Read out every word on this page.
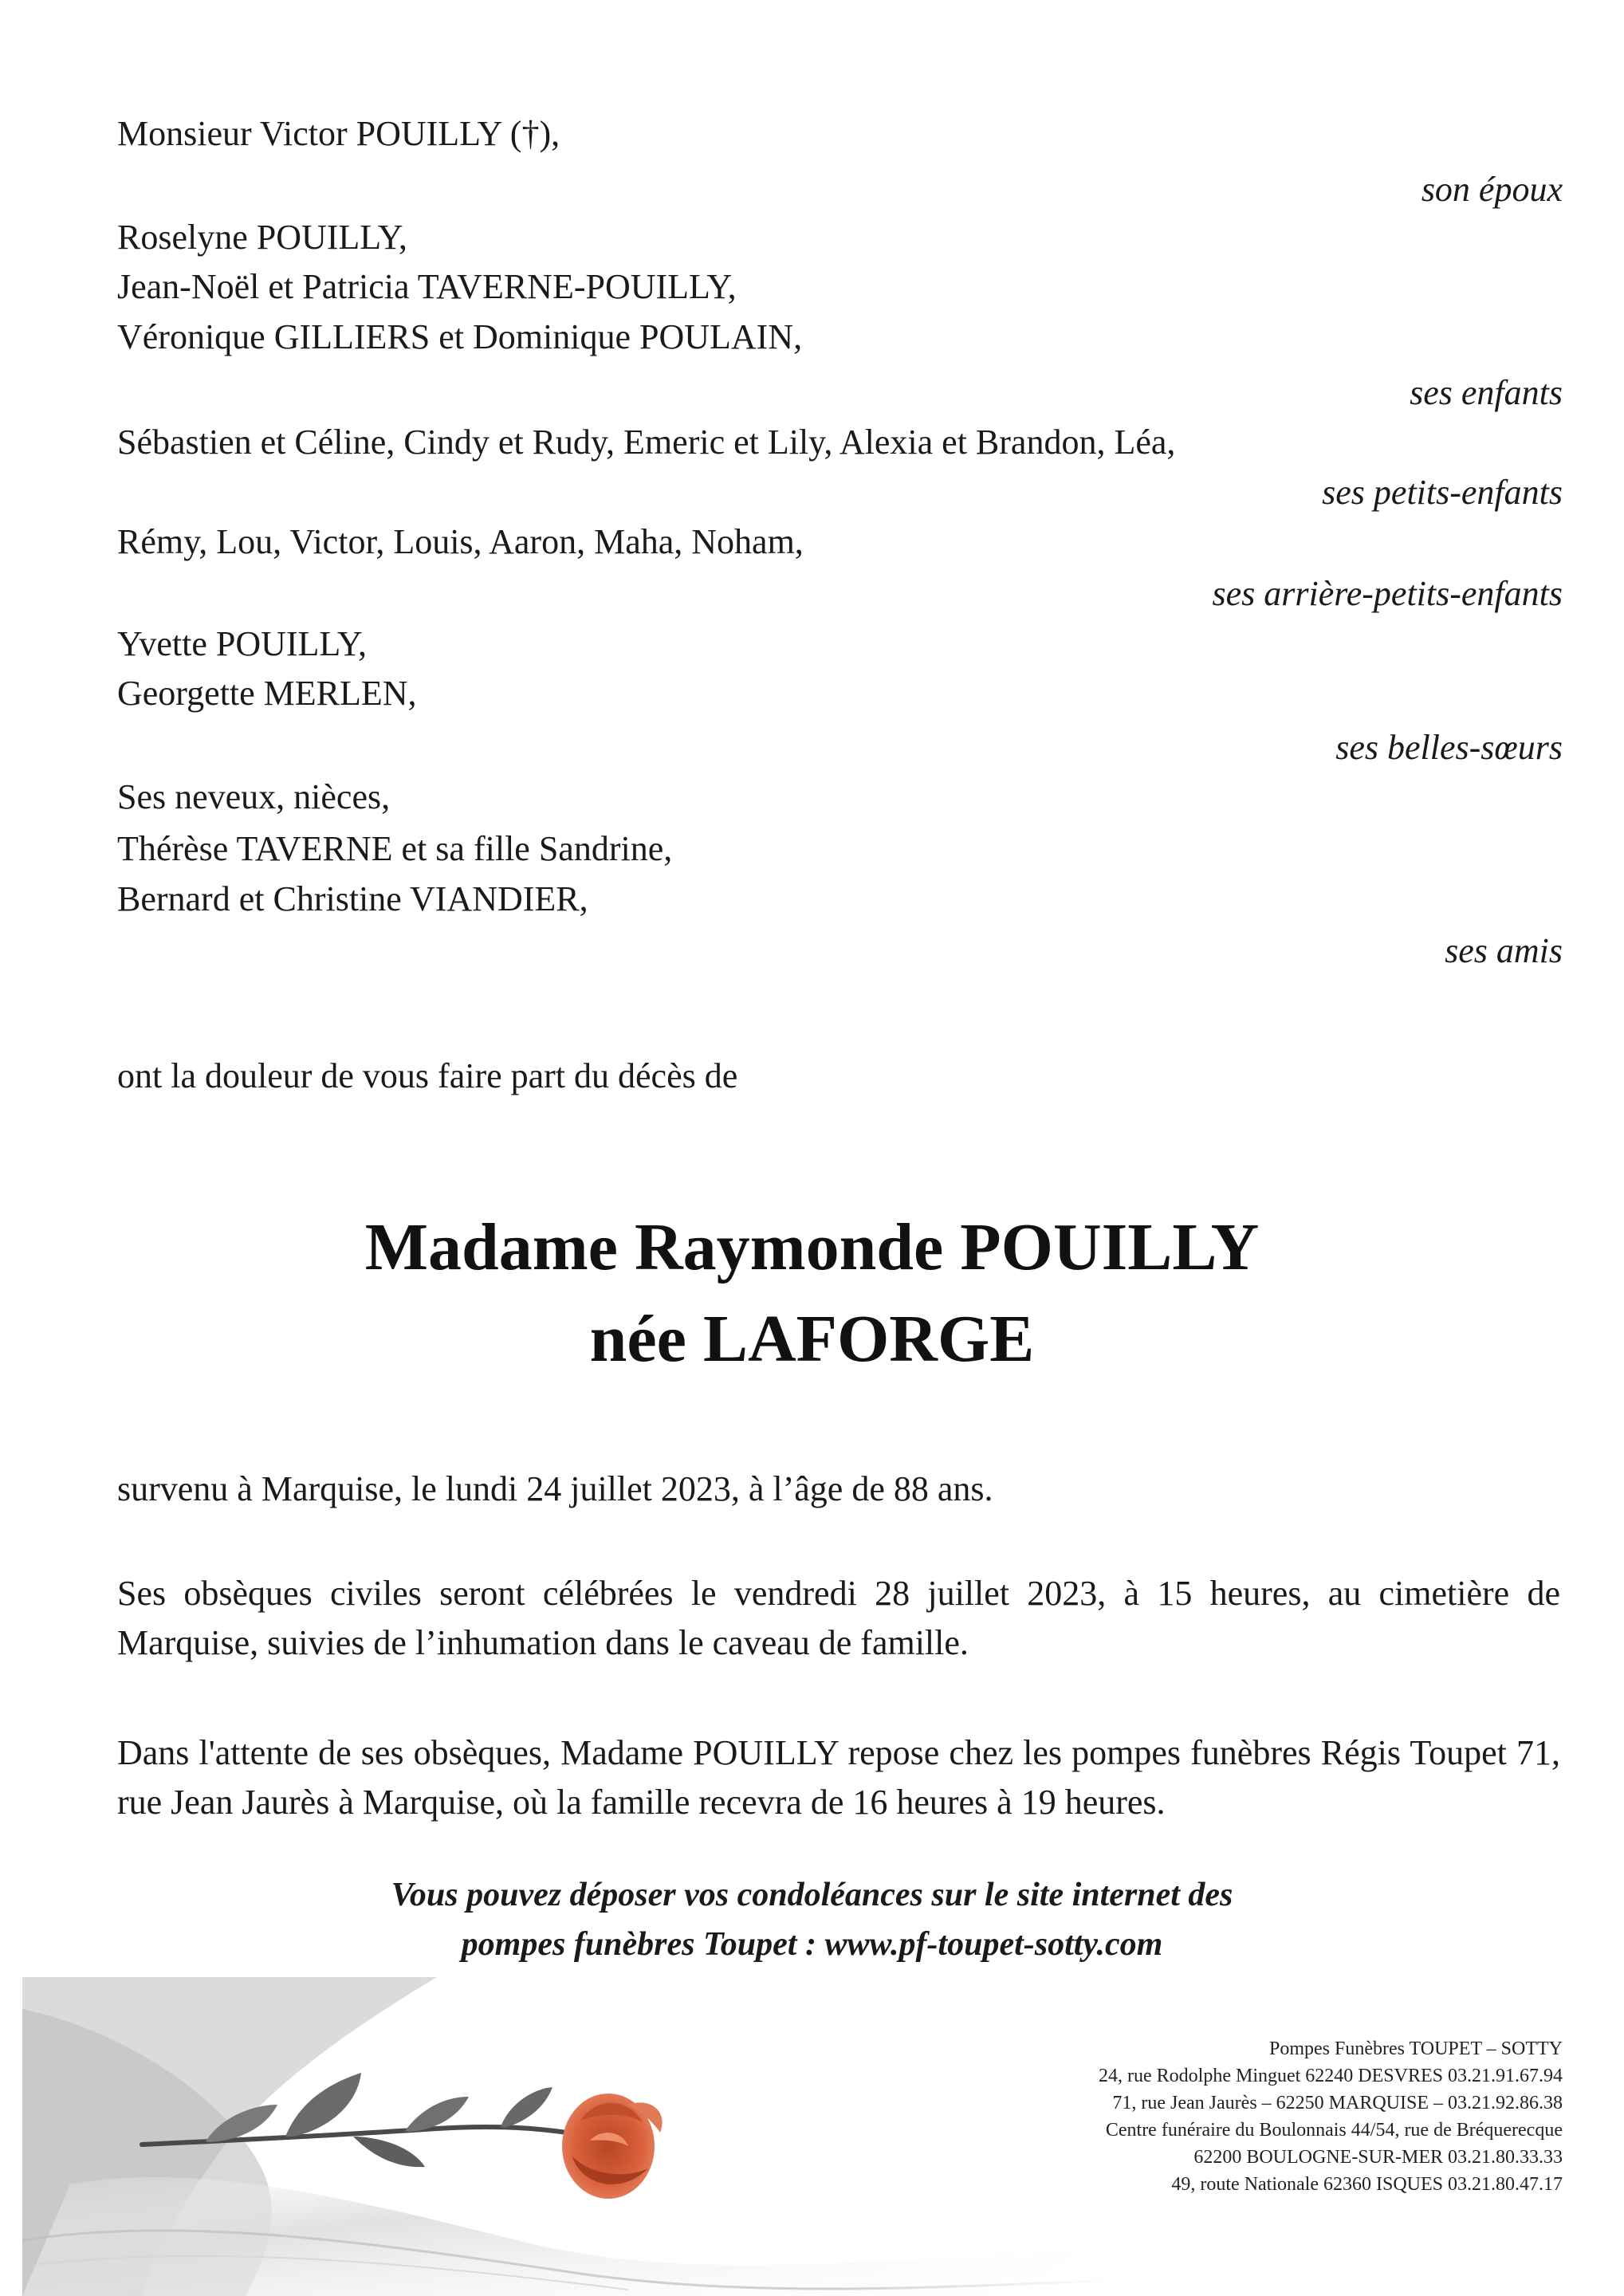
Monsieur Victor POUILLY (†),
son époux
Roselyne POUILLY,
Jean-Noël et Patricia TAVERNE-POUILLY,
Véronique GILLIERS et Dominique POULAIN,
ses enfants
Sébastien et Céline, Cindy et Rudy, Emeric et Lily, Alexia et Brandon, Léa,
ses petits-enfants
Rémy, Lou, Victor, Louis, Aaron, Maha, Noham,
ses arrière-petits-enfants
Yvette POUILLY,
Georgette MERLEN,
ses belles-sœurs
Ses neveux, nièces,
Thérèse TAVERNE et sa fille Sandrine,
Bernard et Christine VIANDIER,
ses amis
ont la douleur de vous faire part du décès de
Madame Raymonde POUILLY
née LAFORGE
survenu à Marquise, le lundi 24 juillet 2023, à l’âge de 88 ans.
Ses obsèques civiles seront célébrées le vendredi 28 juillet 2023, à 15 heures, au cimetière de Marquise, suivies de l’inhumation dans le caveau de famille.
Dans l'attente de ses obsèques, Madame POUILLY repose chez les pompes funèbres Régis Toupet 71, rue Jean Jaurès à Marquise, où la famille recevra de 16 heures à 19 heures.
Vous pouvez déposer vos condoléances sur le site internet des
pompes funèbres Toupet : www.pf-toupet-sotty.com
Pompes Funèbres TOUPET – SOTTY
24, rue Rodolphe Minguet 62240 DESVRES 03.21.91.67.94
71, rue Jean Jaurès – 62250 MARQUISE – 03.21.92.86.38
Centre funéraire du Boulonnais 44/54, rue de Bréquerecque
62200 BOULOGNE-SUR-MER 03.21.80.33.33
49, route Nationale 62360 ISQUES 03.21.80.47.17
